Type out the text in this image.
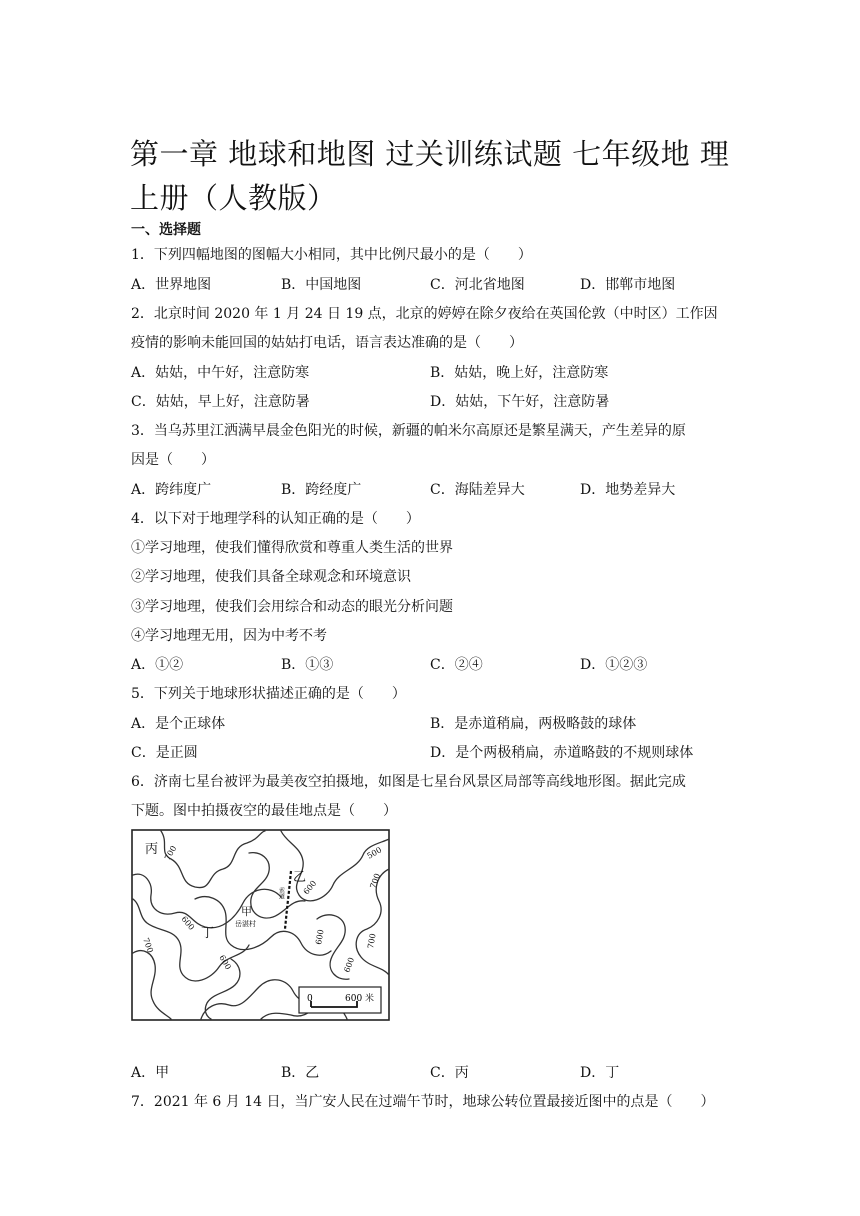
第一章 地球和地图 过关训练试题 七年级地 理上册（人教版）
一、选择题
1．下列四幅地图的图幅大小相同，其中比例尺最小的是（　　）
A．世界地图	B．中国地图	C．河北省地图	D．邯郸市地图
2．北京时间 2020 年 1 月 24 日 19 点，北京的婷婷在除夕夜给在英国伦敦（中时区）工作因
疫情的影响未能回国的姑姑打电话，语言表达准确的是（　　）
A．姑姑，中午好，注意防寒	B．姑姑，晚上好，注意防寒
C．姑姑，早上好，注意防暑	D．姑姑，下午好，注意防暑
3．当乌苏里江洒满早晨金色阳光的时候，新疆的帕米尔高原还是繁星满天，产生差异的原
因是（　　）
A．跨纬度广	B．跨经度广	C．海陆差异大	D．地势差异大
4．以下对于地理学科的认知正确的是（　　）
①学习地理，使我们懂得欣赏和尊重人类生活的世界
②学习地理，使我们具备全球观念和环境意识
③学习地理，使我们会用综合和动态的眼光分析问题
④学习地理无用，因为中考不考
A．①②	B．①③	C．②④	D．①②③
5．下列关于地球形状描述正确的是（　　）
A．是个正球体	B．是赤道稍扁，两极略鼓的球体
C．是正圆	D．是个两极稍扁，赤道略鼓的不规则球体
6．济南七星台被评为最美夜空拍摄地，如图是七星台风景区局部等高线地形图。据此完成
下题。图中拍摄夜空的最佳地点是（　　）
丙
乙
甲
丁
岳湛村
索道
700	500
600	700
600
700
600
600	700
600
0	600 米
A．甲	B．乙	C．丙	D．丁
7．2021 年 6 月 14 日，当广安人民在过端午节时，地球公转位置最接近图中的点是（　　）
